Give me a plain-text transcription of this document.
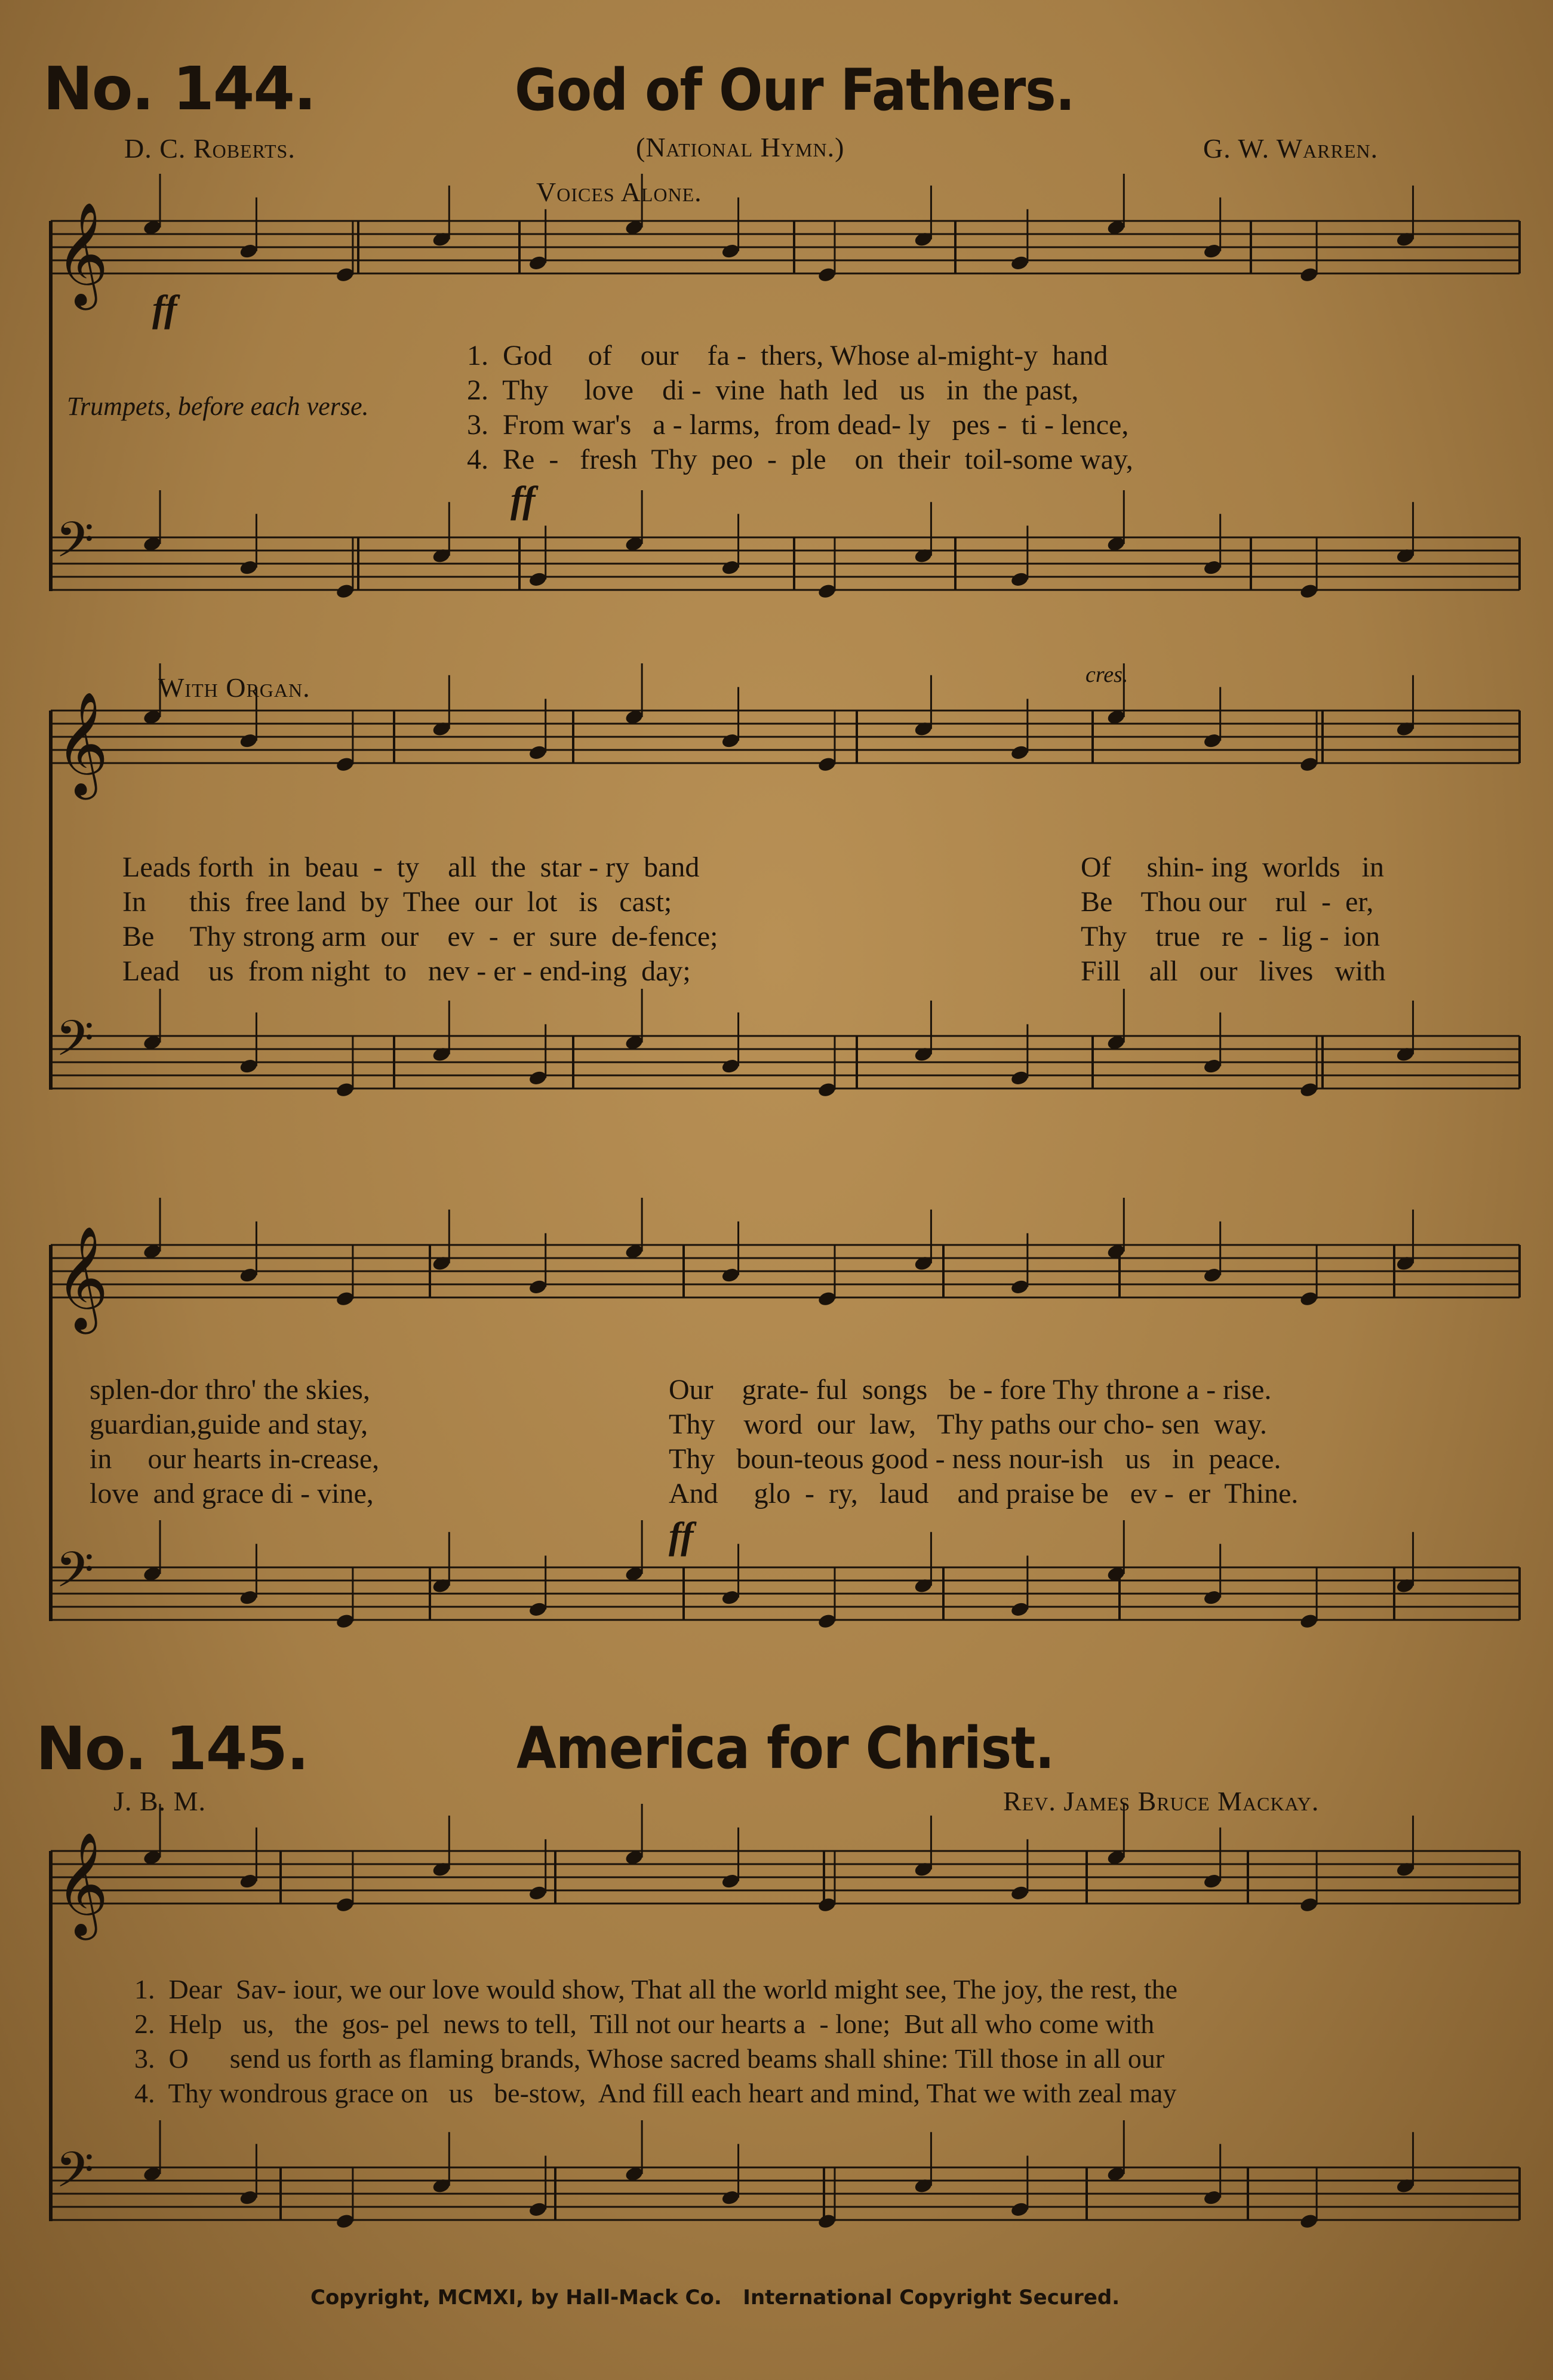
No. 144.	God of Our Fathers.
D. C. Roberts.	(National Hymn.)	G. W. Warren.
Voices Alone.
Trumpets, before each verse.
ff
ff
With Organ.	cres.
ff
𝄞
𝄢
𝄞
𝄢
𝄞
𝄢
𝄞
𝄢
1.  God     of    our    fa -  thers, Whose al-might-y  hand
2.  Thy     love    di -  vine  hath  led   us   in  the past,
3.  From war's   a - larms,  from dead- ly   pes -  ti - lence,
4.  Re  -   fresh  Thy  peo  -  ple    on  their  toil-some way,
Leads forth  in  beau  -  ty    all  the  star - ry  band
In      this  free land  by  Thee  our  lot   is   cast;
Be     Thy strong arm  our    ev  -  er  sure  de-fence;
Lead    us  from night  to   nev - er - end-ing  day;
Of     shin- ing  worlds   in
Be    Thou our    rul  -  er,
Thy    true   re  -  lig -  ion
Fill    all   our   lives   with
splen-dor thro' the skies,
guardian,guide and stay,
in     our hearts in-crease,
love  and grace di - vine,
Our    grate- ful  songs   be - fore Thy throne a - rise.
Thy    word  our  law,   Thy paths our cho- sen  way.
Thy   boun-teous good - ness nour-ish   us   in  peace.
And     glo  -  ry,   laud    and praise be   ev -  er  Thine.
No. 145.	America for Christ.
J. B. M.	Rev. James Bruce Mackay.
1.  Dear  Sav- iour, we our love would show, That all the world might see, The joy, the rest, the
2.  Help   us,   the  gos- pel  news to tell,  Till not our hearts a  - lone;  But all who come with
3.  O      send us forth as flaming brands, Whose sacred beams shall shine: Till those in all our
4.  Thy wondrous grace on   us   be-stow,  And fill each heart and mind, That we with zeal may
Copyright, MCMXI, by Hall-Mack Co.   International Copyright Secured.
